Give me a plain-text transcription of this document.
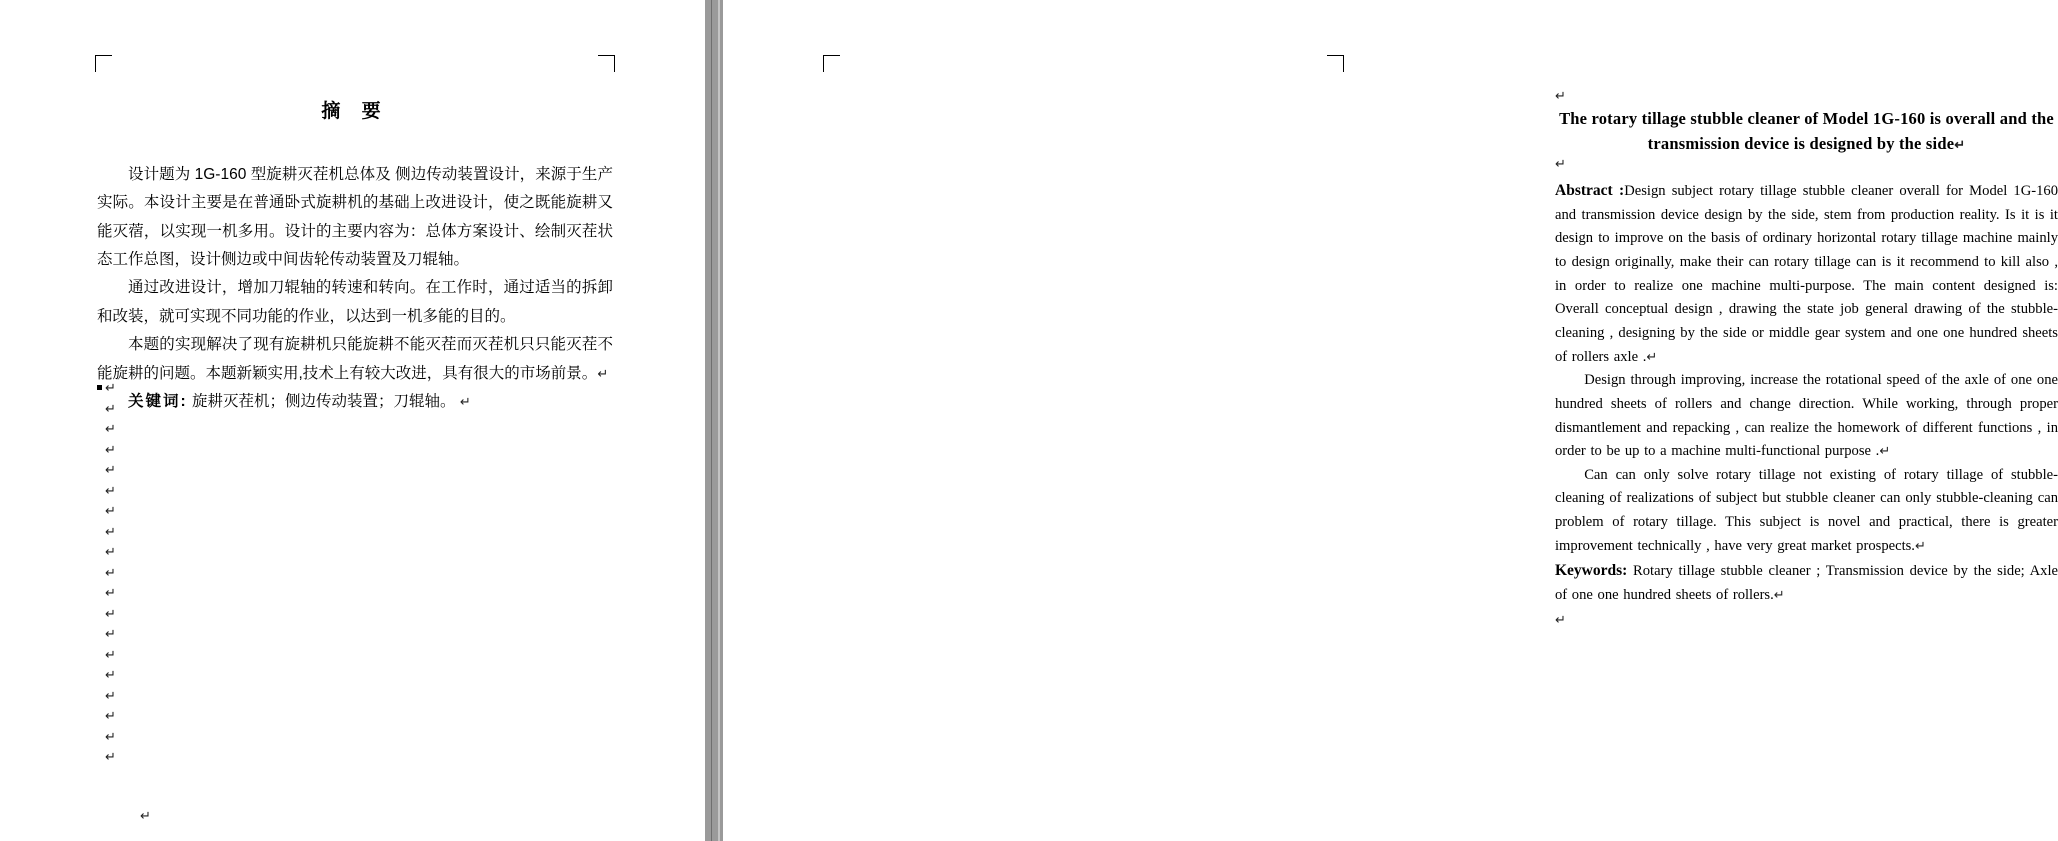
摘 要

设计题为 1G-160 型旋耕灭茬机总体及 侧边传动装置设计，来源于生产实际。本设计主要是在普通卧式旋耕机的基础上改进设计，使之既能旋耕又能灭蓿，以实现一机多用。设计的主要内容为：总体方案设计、绘制灭茬状态工作总图，设计侧边或中间齿轮传动装置及刀辊轴。

通过改进设计，增加刀辊轴的转速和转向。在工作时，通过适当的拆卸和改装，就可实现不同功能的作业，以达到一机多能的目的。

本题的实现解决了现有旋耕机只能旋耕不能灭茬而灭茬机只只能灭茬不能旋耕的问题。本题新颖实用,技术上有较大改进，具有很大的市场前景。↵

关键词: 旋耕灭茬机；侧边传动装置；刀辊轴。 ↵
↵
↵
↵
↵
↵
↵
↵
↵
↵
↵
↵
↵
↵
↵
↵
↵
↵
↵
↵
↵
↵
The rotary tillage stubble cleaner of Model 1G-160 is overall and the transmission device is designed by the side↵
↵

Abstract :Design subject rotary tillage stubble cleaner overall for Model 1G-160 and transmission device design by the side, stem from production reality. Is it is it design to improve on the basis of ordinary horizontal rotary tillage machine mainly to design originally, make their can rotary tillage can is it recommend to kill also , in order to realize one machine multi-purpose. The main content designed is: Overall conceptual design , drawing the state job general drawing of the stubble-cleaning , designing by the side or middle gear system and one one hundred sheets of rollers axle .↵

Design through improving, increase the rotational speed of the axle of one one hundred sheets of rollers and change direction. While working, through proper dismantlement and repacking , can realize the homework of different functions , in order to be up to a machine multi-functional purpose .↵

Can can only solve rotary tillage not existing of rotary tillage of stubble-cleaning of realizations of subject but stubble cleaner can only stubble-cleaning can problem of rotary tillage. This subject is novel and practical, there is greater improvement technically , have very great market prospects.↵

Keywords: Rotary tillage stubble cleaner ; Transmission device by the side; Axle of one one hundred sheets of rollers.↵

↵
